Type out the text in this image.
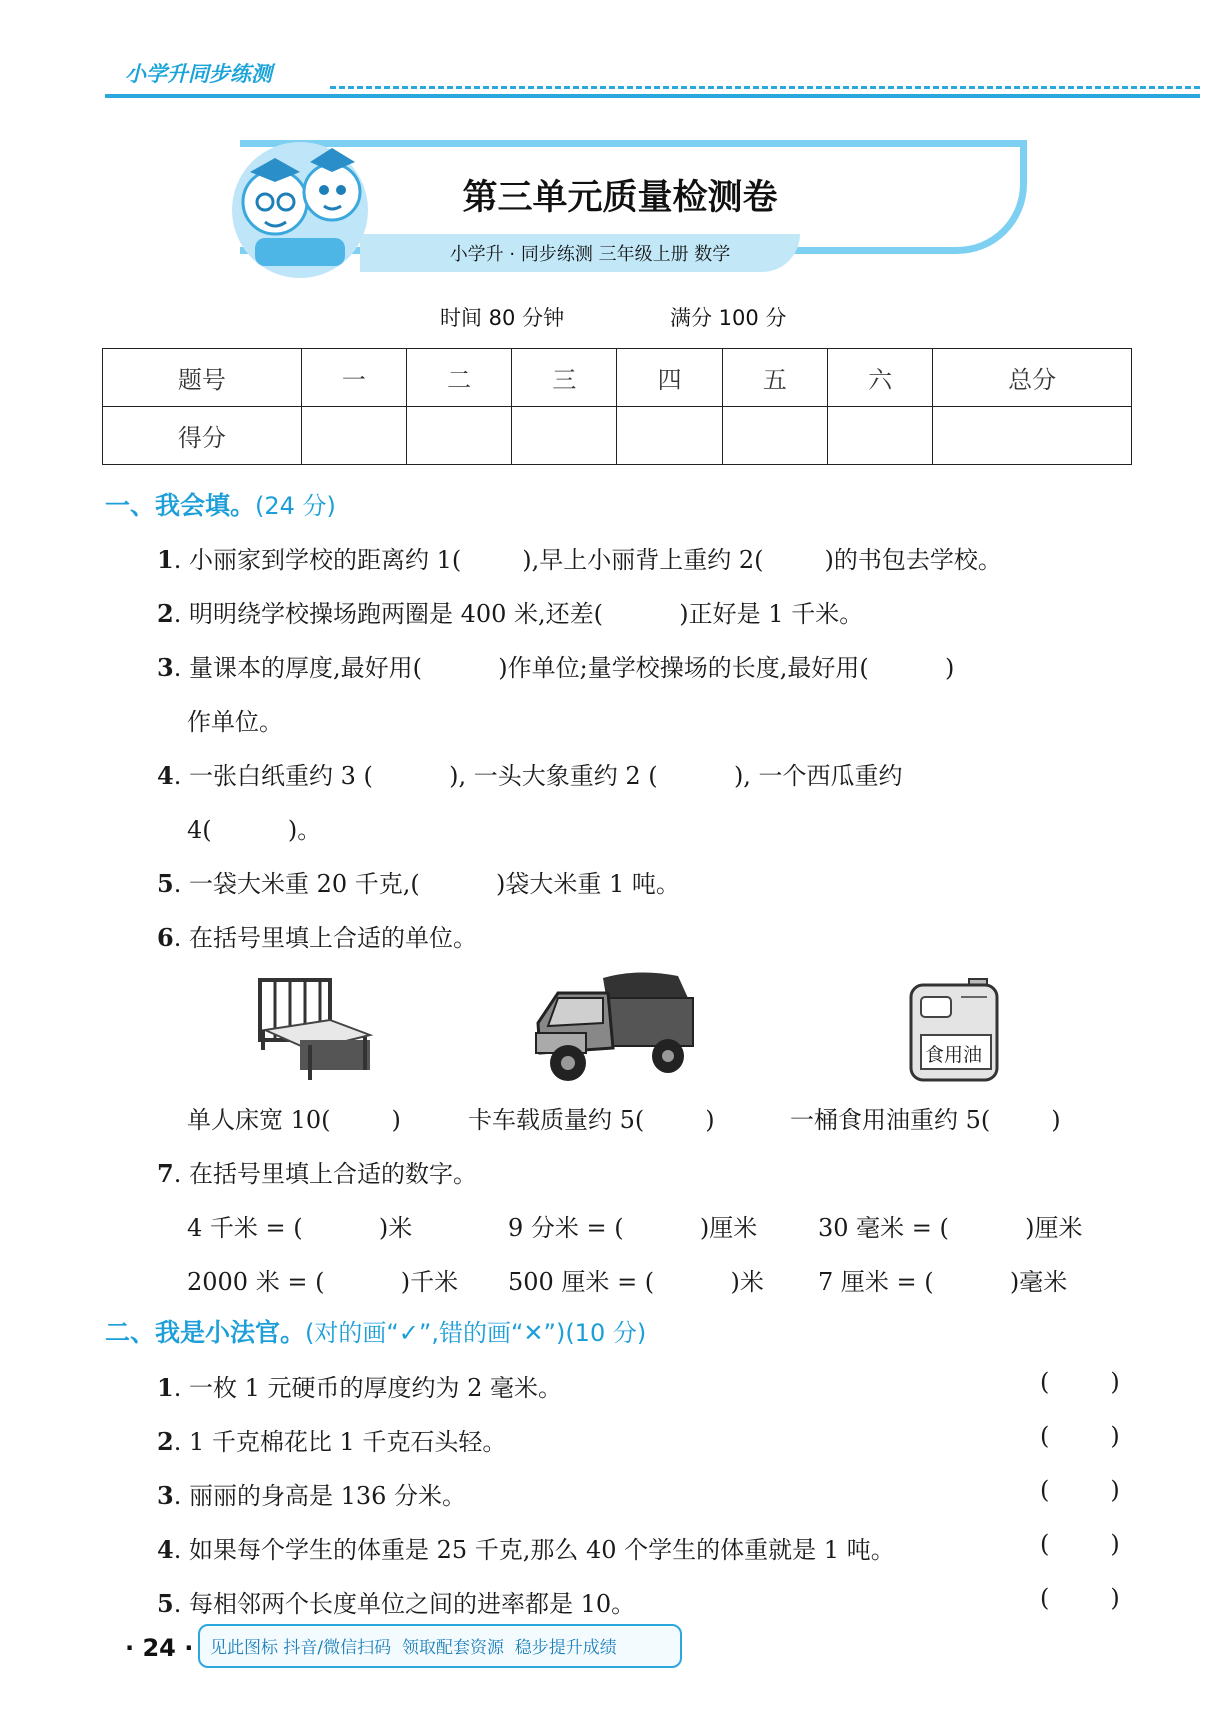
小学升同步练测
第三单元质量检测卷
小学升 · 同步练测 三年级上册 数学
时间 80 分钟	满分 100 分
题号	一	二	三	四	五	六	总分
得分							
一、我会填。(24 分)
1. 小丽家到学校的距离约 1(        ),早上小丽背上重约 2(        )的书包去学校。
2. 明明绕学校操场跑两圈是 400 米,还差(          )正好是 1 千米。
3. 量课本的厚度,最好用(          )作单位;量学校操场的长度,最好用(          )
作单位。
4. 一张白纸重约 3 (          ), 一头大象重约 2 (          ), 一个西瓜重约
4(          )。
5. 一袋大米重 20 千克,(          )袋大米重 1 吨。
6. 在括号里填上合适的单位。
食用油
单人床宽 10(        )	卡车载质量约 5(        )	一桶食用油重约 5(        )
7. 在括号里填上合适的数字。
4 千米 = (          )米	9 分米 = (          )厘米	30 毫米 = (          )厘米
2000 米 = (          )千米 500 厘米 = (          )米 7 厘米 = (          )毫米
二、我是小法官。(对的画“✓”,错的画“✕”)(10 分)
1. 一枚 1 元硬币的厚度约为 2 毫米。	(        )
2. 1 千克棉花比 1 千克石头轻。	(        )
3. 丽丽的身高是 136 分米。	(        )
4. 如果每个学生的体重是 25 千克,那么 40 个学生的体重就是 1 吨。	(        )
5. 每相邻两个长度单位之间的进率都是 10。	(        )
· 24 · 见此图标 抖音/微信扫码  领取配套资源  稳步提升成绩
